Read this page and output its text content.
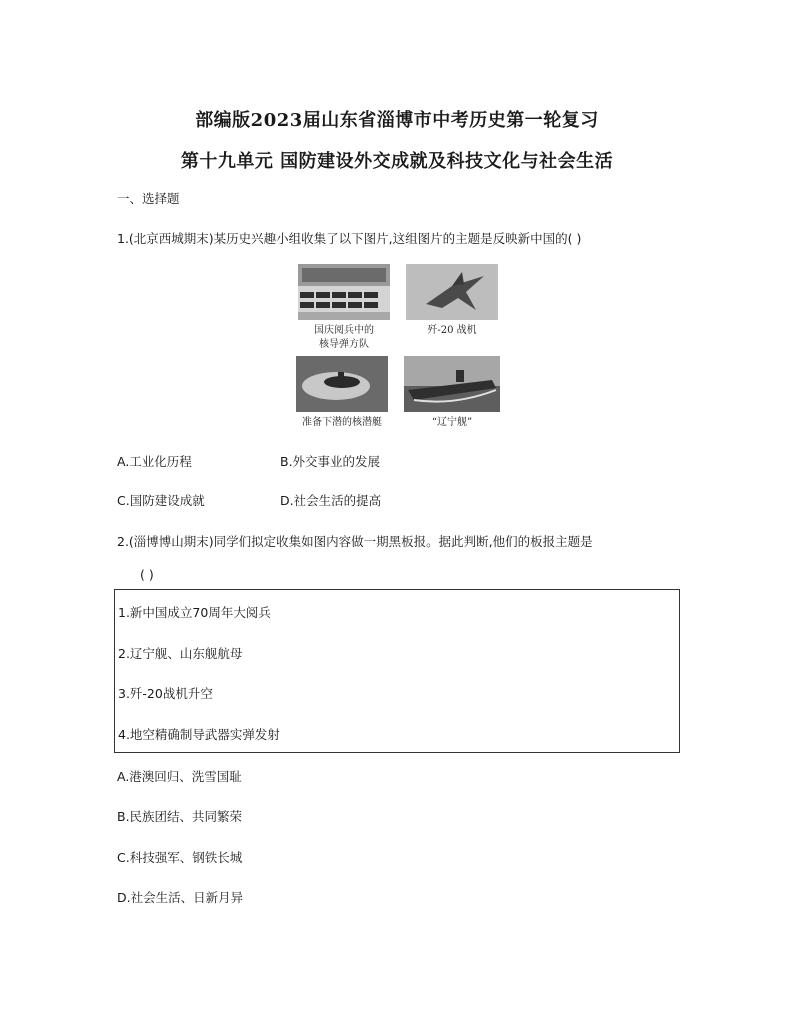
部编版2023届山东省淄博市中考历史第一轮复习
第十九单元 国防建设外交成就及科技文化与社会生活
一、选择题
1.(北京西城期末)某历史兴趣小组收集了以下图片,这组图片的主题是反映新中国的( )
国庆阅兵中的
核导弹方队
歼-20 战机
准备下潜的核潜艇	“辽宁舰”
A.工业化历程	B.外交事业的发展
C.国防建设成就	D.社会生活的提高
2.(淄博博山期末)同学们拟定收集如图内容做一期黑板报。据此判断,他们的板报主题是
( )
1.新中国成立70周年大阅兵
2.辽宁舰、山东舰航母
3.歼-20战机升空
4.地空精确制导武器实弹发射
A.港澳回归、洗雪国耻
B.民族团结、共同繁荣
C.科技强军、钢铁长城
D.社会生活、日新月异
